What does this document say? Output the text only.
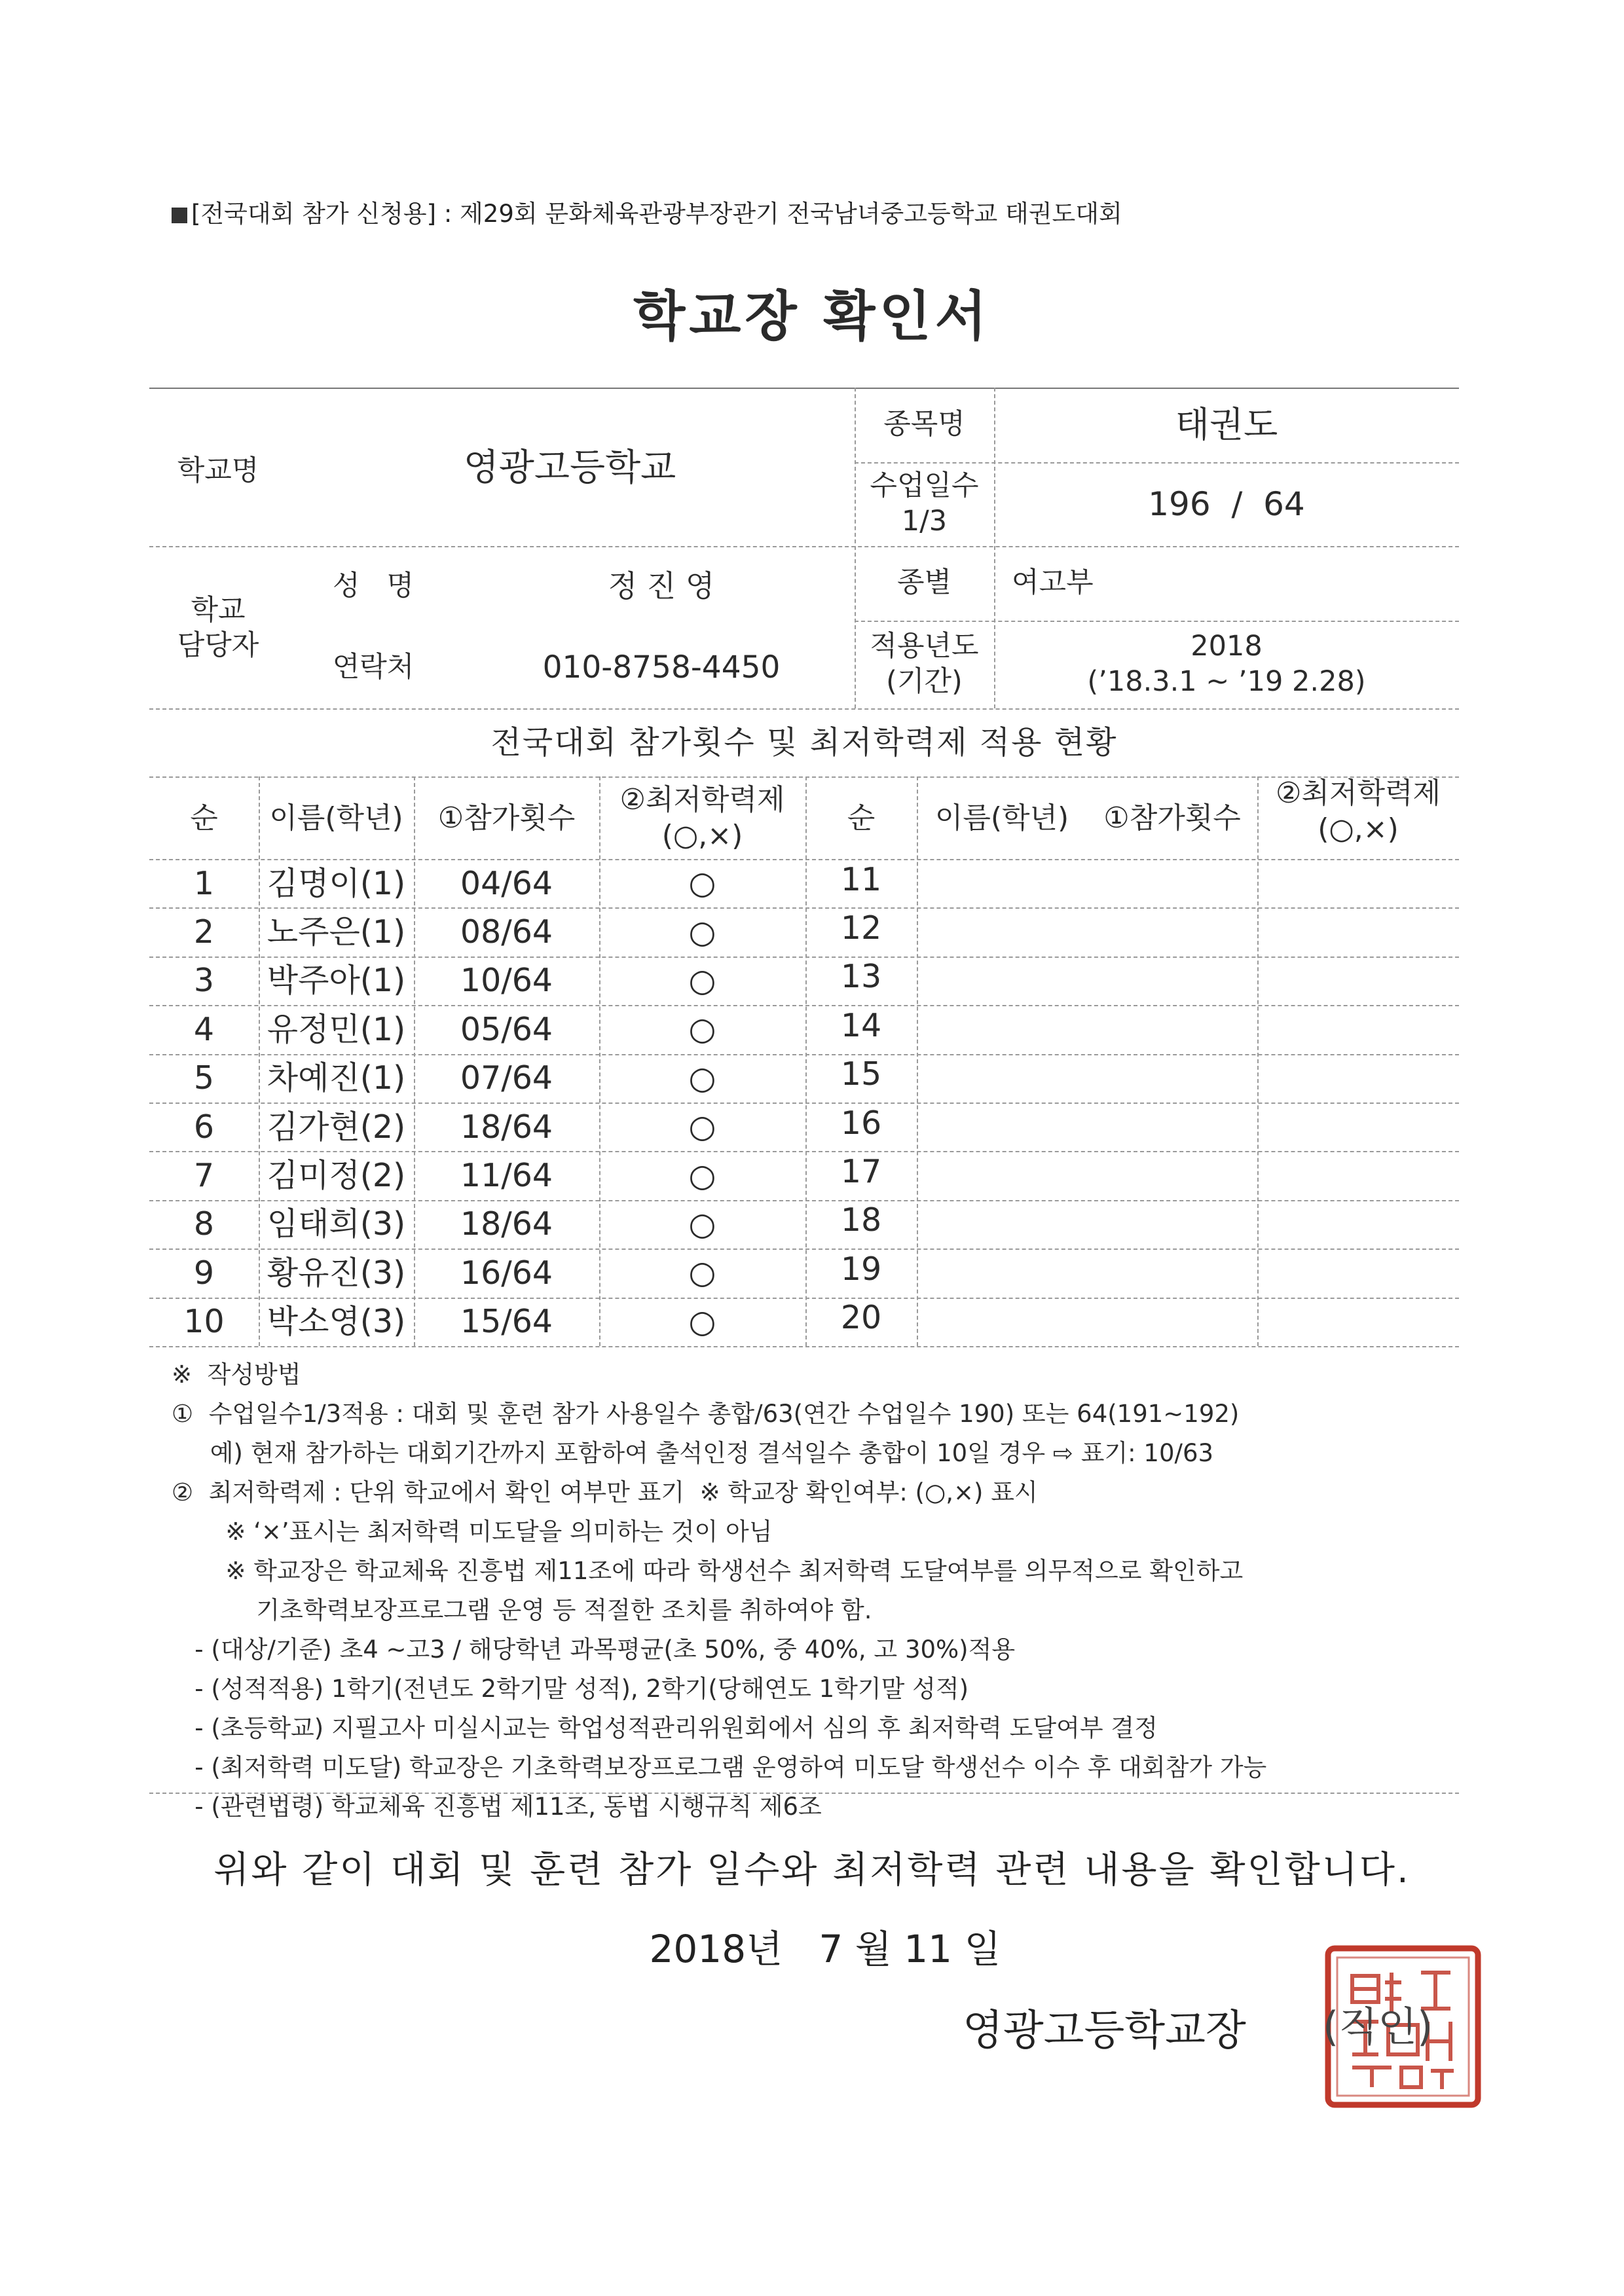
[전국대회 참가 신청용] : 제29회 문화체육관광부장관기 전국남녀중고등학교 태권도대회
학교장 확인서
학교명	영광고등학교
종목명	태권도
수업일수
1/3	196  /  64
학교
담당자
성   명	정 진 영
연락처	010-8758-4450
종별	여고부
적용년도
(기간)
2018
(’18.3.1 ~ ’19 2.28)
전국대회 참가횟수 및 최저학력제 적용 현황
순	이름(학년)	①참가횟수
②최저학력제
(○,×)
순	이름(학년)	①참가횟수
②최저학력제
(○,×)
1	김명이(1)	04/64	○	11
2	노주은(1)	08/64	○	12
3	박주아(1)	10/64	○	13
4	유정민(1)	05/64	○	14
5	차예진(1)	07/64	○	15
6	김가현(2)	18/64	○	16
7	김미정(2)	11/64	○	17
8	임태희(3)	18/64	○	18
9	황유진(3)	16/64	○	19
10	박소영(3)	15/64	○	20
※  작성방법
①  수업일수1/3적용 : 대회 및 훈련 참가 사용일수 총합/63(연간 수업일수 190) 또는 64(191~192)
예) 현재 참가하는 대회기간까지 포함하여 출석인정 결석일수 총합이 10일 경우 ⇨ 표기: 10/63
②  최저학력제 : 단위 학교에서 확인 여부만 표기  ※ 학교장 확인여부: (○,×) 표시
※ ‘×’표시는 최저학력 미도달을 의미하는 것이 아님
※ 학교장은 학교체육 진흥법 제11조에 따라 학생선수 최저학력 도달여부를 의무적으로 확인하고
기초학력보장프로그램 운영 등 적절한 조치를 취하여야 함.
- (대상/기준) 초4 ~고3 / 해당학년 과목평균(초 50%, 중 40%, 고 30%)적용
- (성적적용) 1학기(전년도 2학기말 성적), 2학기(당해연도 1학기말 성적)
- (초등학교) 지필고사 미실시교는 학업성적관리위원회에서 심의 후 최저학력 도달여부 결정
- (최저학력 미도달) 학교장은 기초학력보장프로그램 운영하여 미도달 학생선수 이수 후 대회참가 가능
- (관련법령) 학교체육 진흥법 제11조, 동법 시행규칙 제6조
위와 같이 대회 및 훈련 참가 일수와 최저학력 관련 내용을 확인합니다.
2018년   7 월 11 일
영광고등학교장 (직인)
